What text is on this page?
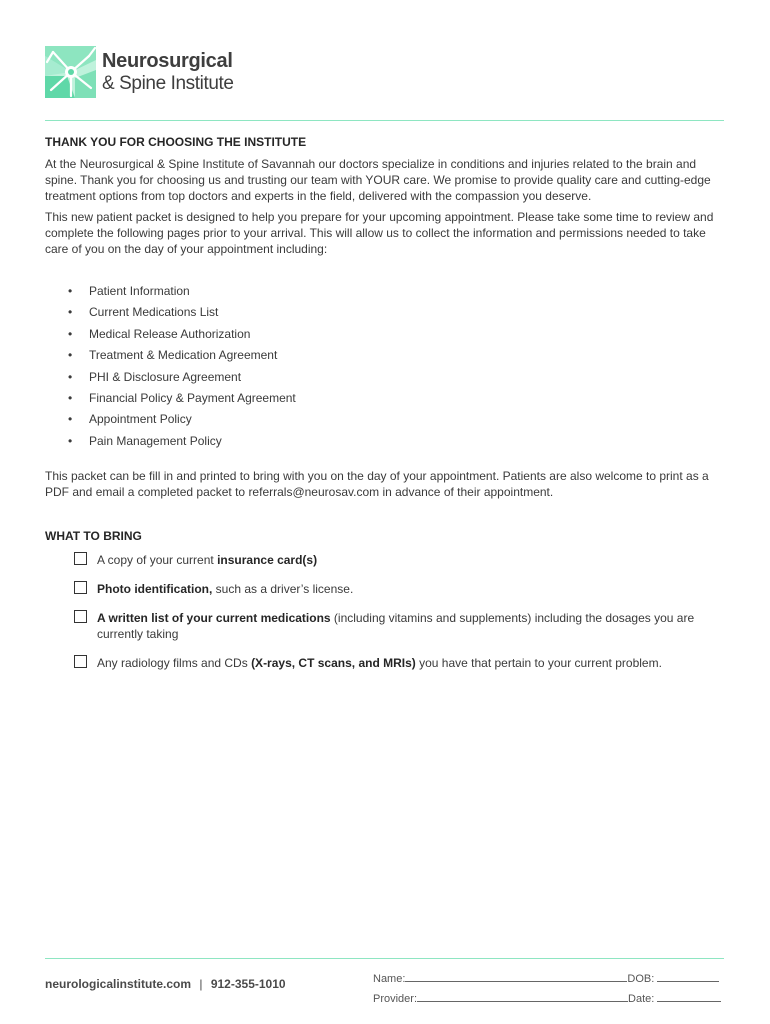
Neurosurgical
& Spine Institute
THANK YOU FOR CHOOSING THE INSTITUTE

At the Neurosurgical & Spine Institute of Savannah our doctors specialize in conditions and injuries related to the brain and spine. Thank you for choosing us and trusting our team with YOUR care. We promise to provide quality care and cutting-edge treatment options from top doctors and experts in the field, delivered with the compassion you deserve.

This new patient packet is designed to help you prepare for your upcoming appointment. Please take some time to review and complete the following pages prior to your arrival. This will allow us to collect the information and permissions needed to take care of you on the day of your appointment including:

• Patient Information
• Current Medications List
• Medical Release Authorization
• Treatment & Medication Agreement
• PHI & Disclosure Agreement
• Financial Policy & Payment Agreement
• Appointment Policy
• Pain Management Policy

This packet can be fill in and printed to bring with you on the day of your appointment. Patients are also welcome to print as a PDF and email a completed packet to referrals@neurosav.com in advance of their appointment.

WHAT TO BRING
A copy of your current insurance card(s)
Photo identification, such as a driver’s license.
A written list of your current medications (including vitamins and supplements) including the dosages you are currently taking
Any radiology films and CDs (X-rays, CT scans, and MRIs) you have that pertain to your current problem.
neurologicalinstitute.com | 912-355-1010	Name:	DOB:
Provider:	Date:
